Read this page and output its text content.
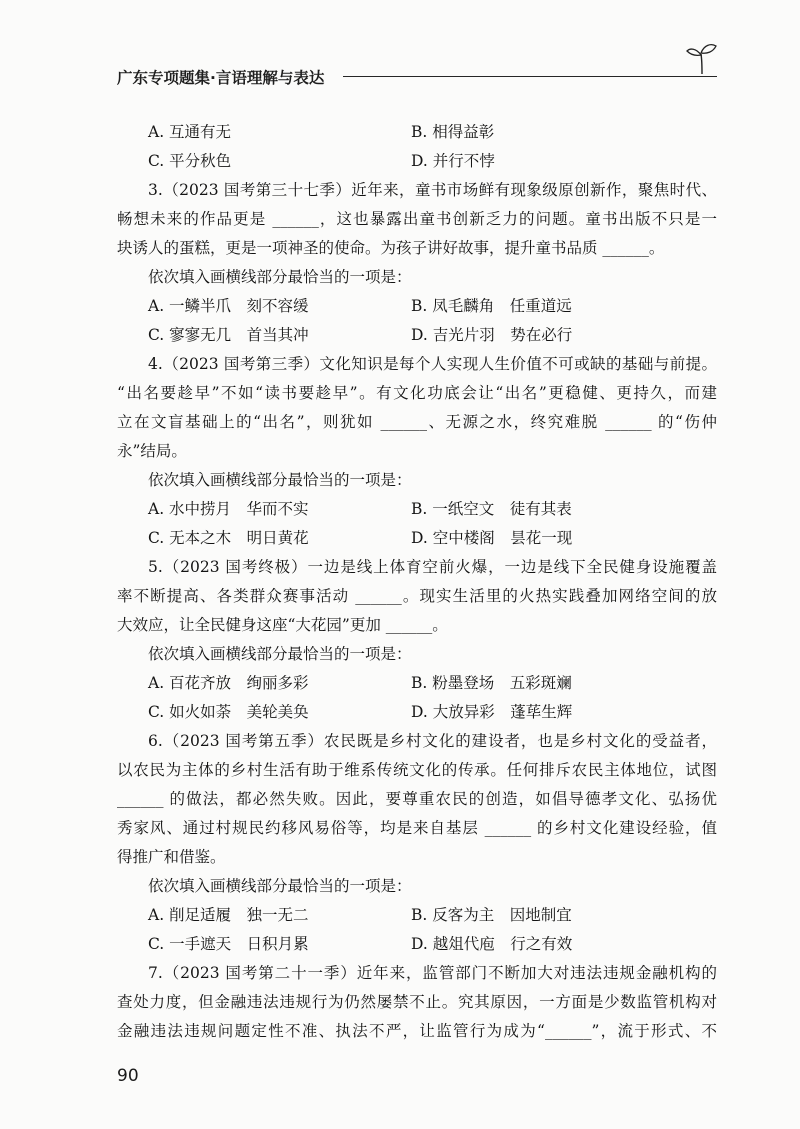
广东专项题集·言语理解与表达
A. 互通有无	B. 相得益彰
C. 平分秋色	D. 并行不悖
3.（2023 国考第三十七季）近年来，童书市场鲜有现象级原创新作，聚焦时代、
畅想未来的作品更是 ______，这也暴露出童书创新乏力的问题。童书出版不只是一
块诱人的蛋糕，更是一项神圣的使命。为孩子讲好故事，提升童书品质 ______。
依次填入画横线部分最恰当的一项是：
A. 一鳞半爪　刻不容缓	B. 凤毛麟角　任重道远
C. 寥寥无几　首当其冲	D. 吉光片羽　势在必行
4.（2023 国考第三季）文化知识是每个人实现人生价值不可或缺的基础与前提。
“出名要趁早”不如“读书要趁早”。有文化功底会让“出名”更稳健、更持久，而建
立在文盲基础上的“出名”，则犹如 ______、无源之水，终究难脱 ______ 的“伤仲
永”结局。
依次填入画横线部分最恰当的一项是：
A. 水中捞月　华而不实	B. 一纸空文　徒有其表
C. 无本之木　明日黄花	D. 空中楼阁　昙花一现
5.（2023 国考终极）一边是线上体育空前火爆，一边是线下全民健身设施覆盖
率不断提高、各类群众赛事活动 ______。现实生活里的火热实践叠加网络空间的放
大效应，让全民健身这座“大花园”更加 ______。
依次填入画横线部分最恰当的一项是：
A. 百花齐放　绚丽多彩	B. 粉墨登场　五彩斑斓
C. 如火如荼　美轮美奂	D. 大放异彩　蓬荜生辉
6.（2023 国考第五季）农民既是乡村文化的建设者，也是乡村文化的受益者，
以农民为主体的乡村生活有助于维系传统文化的传承。任何排斥农民主体地位，试图
______ 的做法，都必然失败。因此，要尊重农民的创造，如倡导德孝文化、弘扬优
秀家风、通过村规民约移风易俗等，均是来自基层 ______ 的乡村文化建设经验，值
得推广和借鉴。
依次填入画横线部分最恰当的一项是：
A. 削足适履　独一无二	B. 反客为主　因地制宜
C. 一手遮天　日积月累	D. 越俎代庖　行之有效
7.（2023 国考第二十一季）近年来，监管部门不断加大对违法违规金融机构的
查处力度，但金融违法违规行为仍然屡禁不止。究其原因，一方面是少数监管机构对
金融违法违规问题定性不准、执法不严，让监管行为成为“______”，流于形式、不
90
